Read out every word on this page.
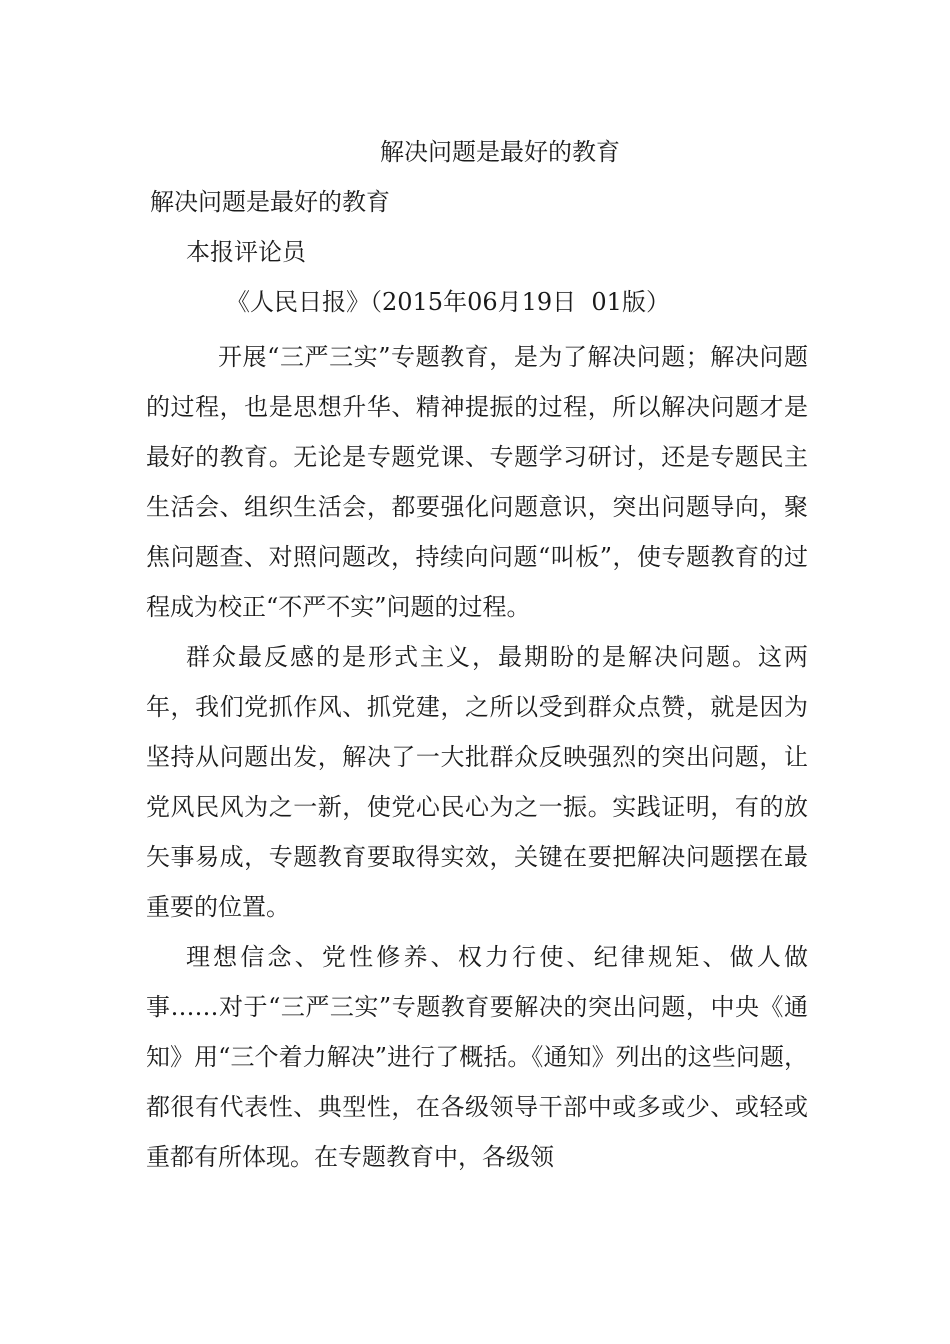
解决问题是最好的教育
解决问题是最好的教育
本报评论员
《人民日报》（2015年06月19日  01版）

开展“三严三实”专题教育，是为了解决问题；解决问题的过程，也是思想升华、精神提振的过程，所以解决问题才是最好的教育。无论是专题党课、专题学习研讨，还是专题民主生活会、组织生活会，都要强化问题意识，突出问题导向，聚焦问题查、对照问题改，持续向问题“叫板”，使专题教育的过程成为校正“不严不实”问题的过程。

群众最反感的是形式主义，最期盼的是解决问题。这两年，我们党抓作风、抓党建，之所以受到群众点赞，就是因为坚持从问题出发，解决了一大批群众反映强烈的突出问题，让党风民风为之一新，使党心民心为之一振。实践证明，有的放矢事易成，专题教育要取得实效，关键在要把解决问题摆在最重要的位置。

理想信念、党性修养、权力行使、纪律规矩、做人做事……对于“三严三实”专题教育要解决的突出问题，中央《通知》用“三个着力解决”进行了概括。《通知》列出的这些问题，都很有代表性、典型性，在各级领导干部中或多或少、或轻或重都有所体现。在专题教育中，各级领
